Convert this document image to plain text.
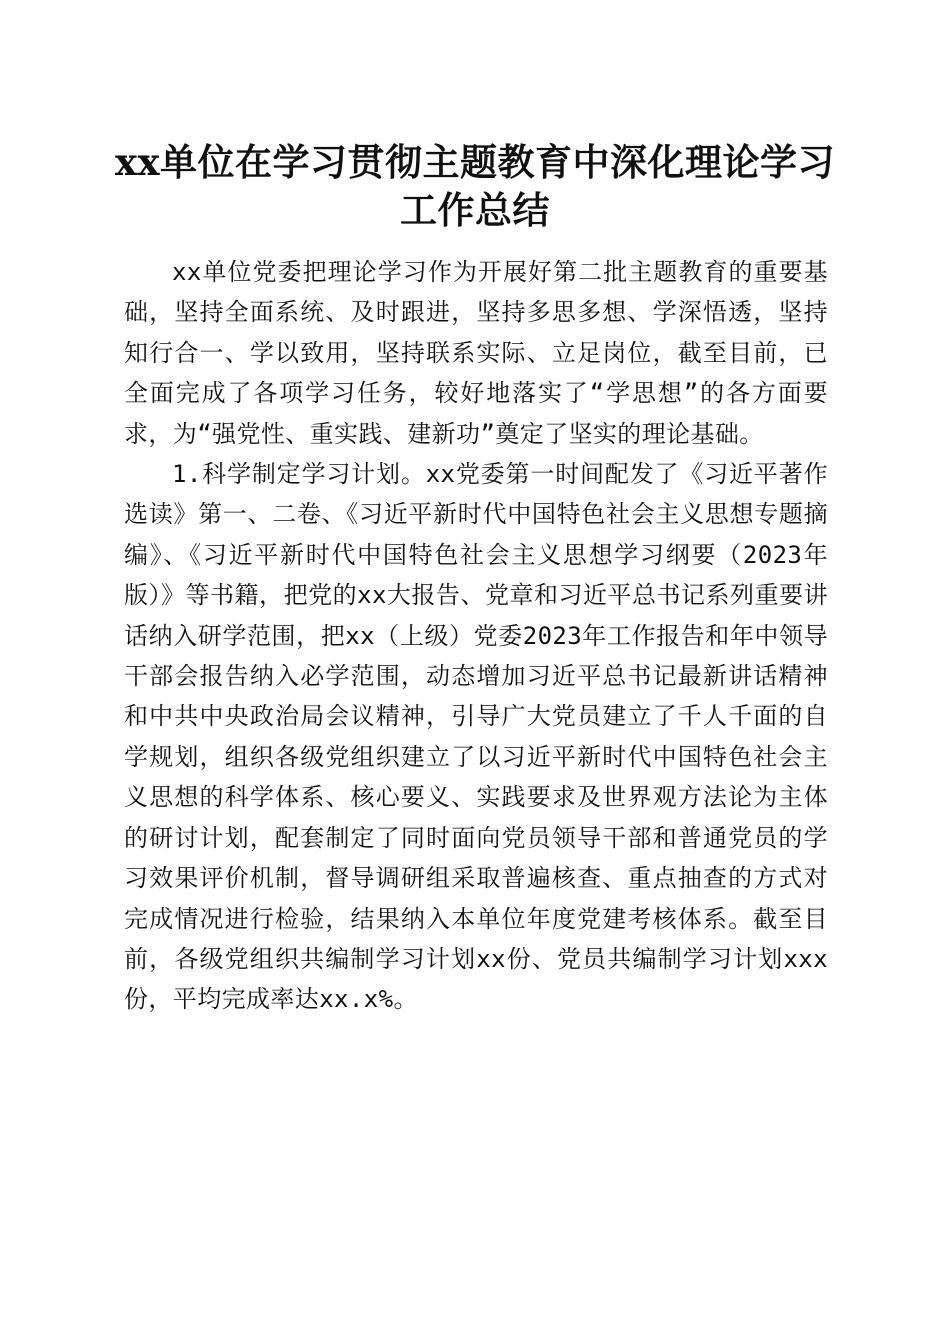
xx单位在学习贯彻主题教育中深化理论学习
工作总结

xx单位党委把理论学习作为开展好第二批主题教育的重要基础，坚持全面系统、及时跟进，坚持多思多想、学深悟透，坚持知行合一、学以致用，坚持联系实际、立足岗位，截至目前，已全面完成了各项学习任务，较好地落实了“学思想”的各方面要求，为“强党性、重实践、建新功”奠定了坚实的理论基础。

1.科学制定学习计划。xx党委第一时间配发了《习近平著作选读》第一、二卷、《习近平新时代中国特色社会主义思想专题摘编》、《习近平新时代中国特色社会主义思想学习纲要（2023年版）》等书籍，把党的xx大报告、党章和习近平总书记系列重要讲话纳入研学范围，把xx（上级）党委2023年工作报告和年中领导干部会报告纳入必学范围，动态增加习近平总书记最新讲话精神和中共中央政治局会议精神，引导广大党员建立了千人千面的自学规划，组织各级党组织建立了以习近平新时代中国特色社会主义思想的科学体系、核心要义、实践要求及世界观方法论为主体的研讨计划，配套制定了同时面向党员领导干部和普通党员的学习效果评价机制，督导调研组采取普遍核查、重点抽查的方式对完成情况进行检验，结果纳入本单位年度党建考核体系。截至目前，各级党组织共编制学习计划xx份、党员共编制学习计划xxx份，平均完成率达xx.x%。
